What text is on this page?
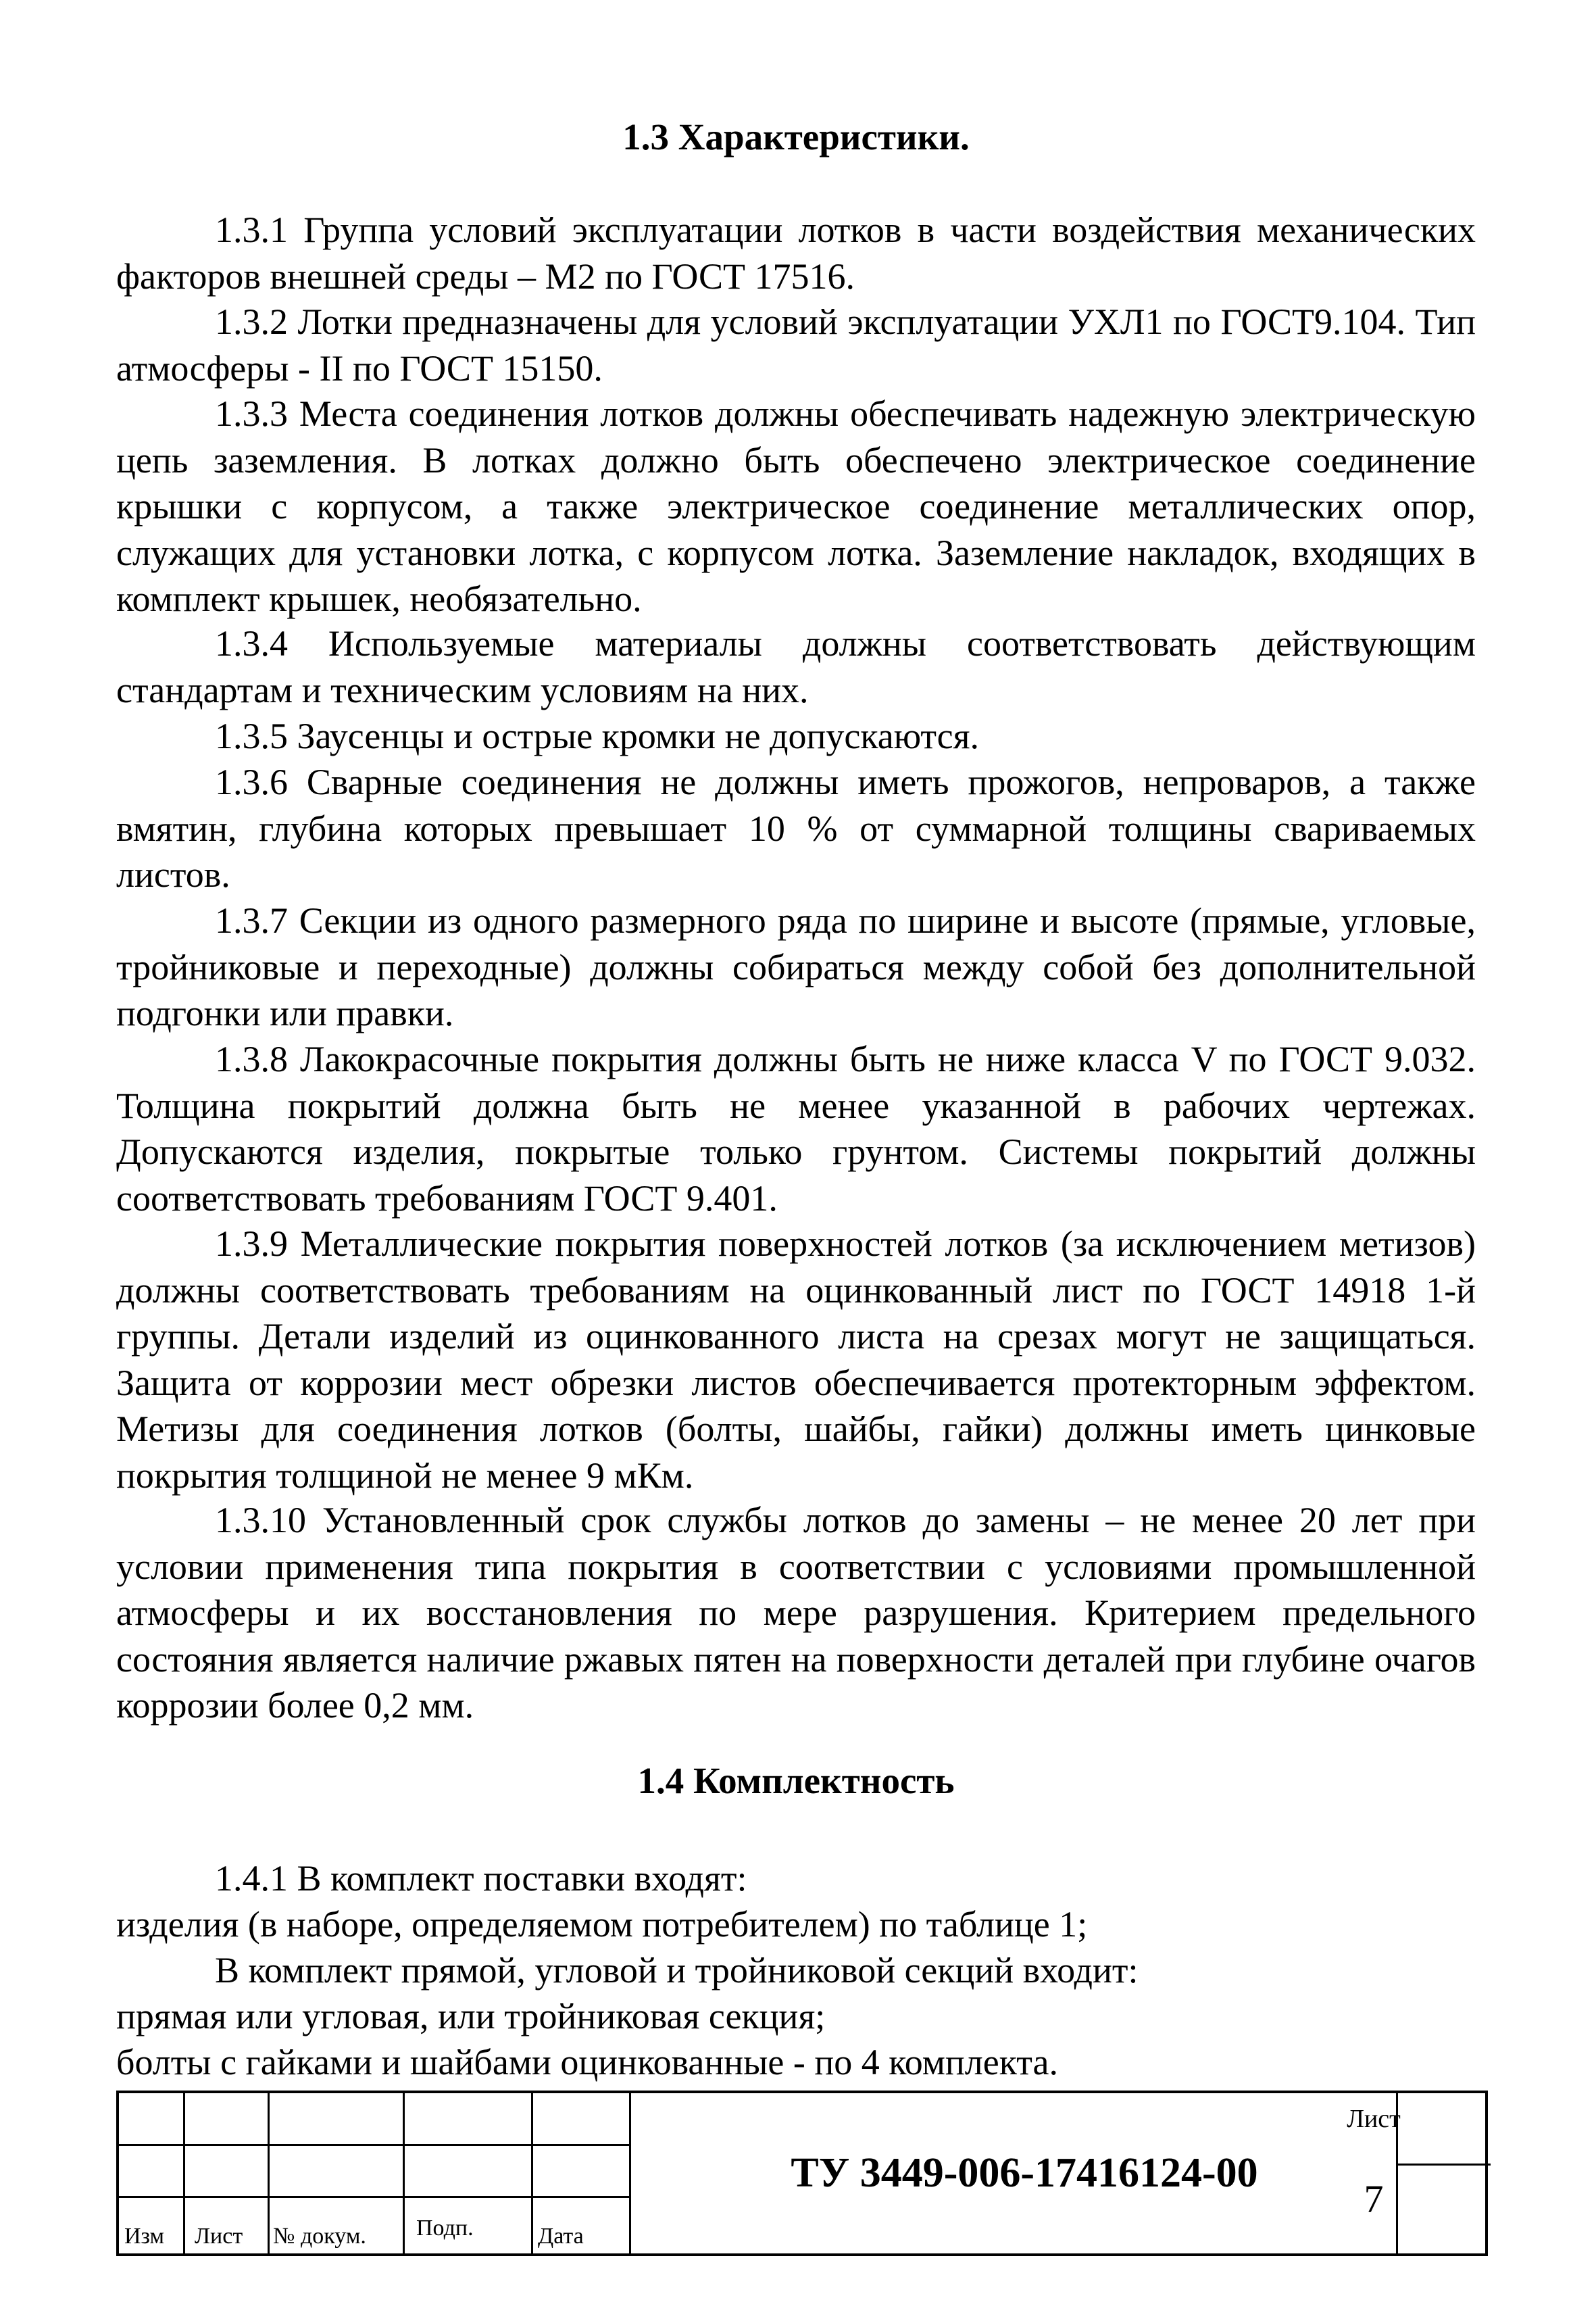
1.3 Характеристики.

1.3.1 Группа условий эксплуатации лотков в части воздействия механических факторов внешней среды – М2 по ГОСТ 17516.

1.3.2 Лотки предназначены для условий эксплуатации УХЛ1 по ГОСТ9.104. Тип атмосферы - II по ГОСТ 15150.

1.3.3 Места соединения лотков должны обеспечивать надежную электрическую цепь заземления. В лотках должно быть обеспечено электрическое соединение крышки с корпусом, а также электрическое соединение металлических опор, служащих для установки лотка, с корпусом лотка. Заземление накладок, входящих в комплект крышек, необязательно.

1.3.4 Используемые материалы должны соответствовать действующим стандартам и техническим условиям на них.

1.3.5 Заусенцы и острые кромки не допускаются.

1.3.6 Сварные соединения не должны иметь прожогов, непроваров, а также вмятин, глубина которых превышает 10 % от суммарной толщины свариваемых листов.

1.3.7 Секции из одного размерного ряда по ширине и высоте (прямые, угловые, тройниковые и переходные) должны собираться между собой без дополнительной подгонки или правки.

1.3.8 Лакокрасочные покрытия должны быть не ниже класса V по ГОСТ 9.032. Толщина покрытий должна быть не менее указанной в рабочих чертежах. Допускаются изделия, покрытые только грунтом. Системы покрытий должны соответствовать требованиям ГОСТ 9.401.

1.3.9 Металлические покрытия поверхностей лотков (за исключением метизов) должны соответствовать требованиям на оцинкованный лист по ГОСТ 14918 1-й группы. Детали изделий из оцинкованного листа на срезах могут не защищаться. Защита от коррозии мест обрезки листов обеспечивается протекторным эффектом. Метизы для соединения лотков (болты, шайбы, гайки) должны иметь цинковые покрытия толщиной не менее 9 мКм.

1.3.10 Установленный срок службы лотков до замены – не менее 20 лет при условии применения типа покрытия в соответствии с условиями промышленной атмосферы и их восстановления по мере разрушения. Критерием предельного состояния является наличие ржавых пятен на поверхности деталей при глубине очагов коррозии более 0,2 мм.

1.4 Комплектность
1.4.1 В комплект поставки входят:
изделия (в наборе, определяемом потребителем) по таблице 1;
В комплект прямой, угловой и тройниковой секций входит:
прямая или угловая, или тройниковая секция;
болты с гайками и шайбами оцинкованные - по 4 комплекта.
Изм Лист № докум. Подп.	Дата
ТУ 3449-006-17416124-00
Лист
7
